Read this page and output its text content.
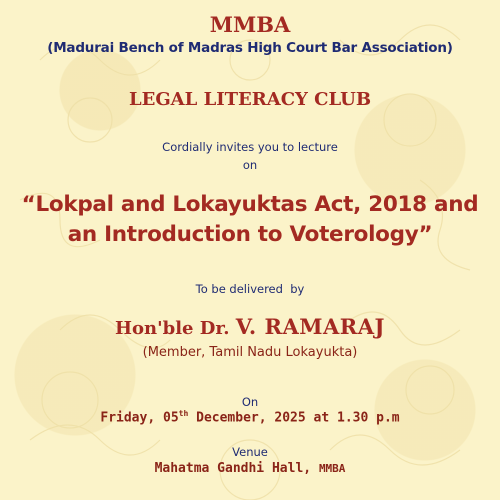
MMBA

(Madurai Bench of Madras High Court Bar Association)

LEGAL LITERACY CLUB

Cordially invites you to lecture

on

“Lokpal and Lokayuktas Act, 2018 and
an Introduction to Voterology”

To be delivered  by

Hon'ble Dr. V. RAMARAJ

(Member, Tamil Nadu Lokayukta)

On

Friday, 05th December, 2025 at 1.30 p.m

Venue

Mahatma Gandhi Hall, MMBA
